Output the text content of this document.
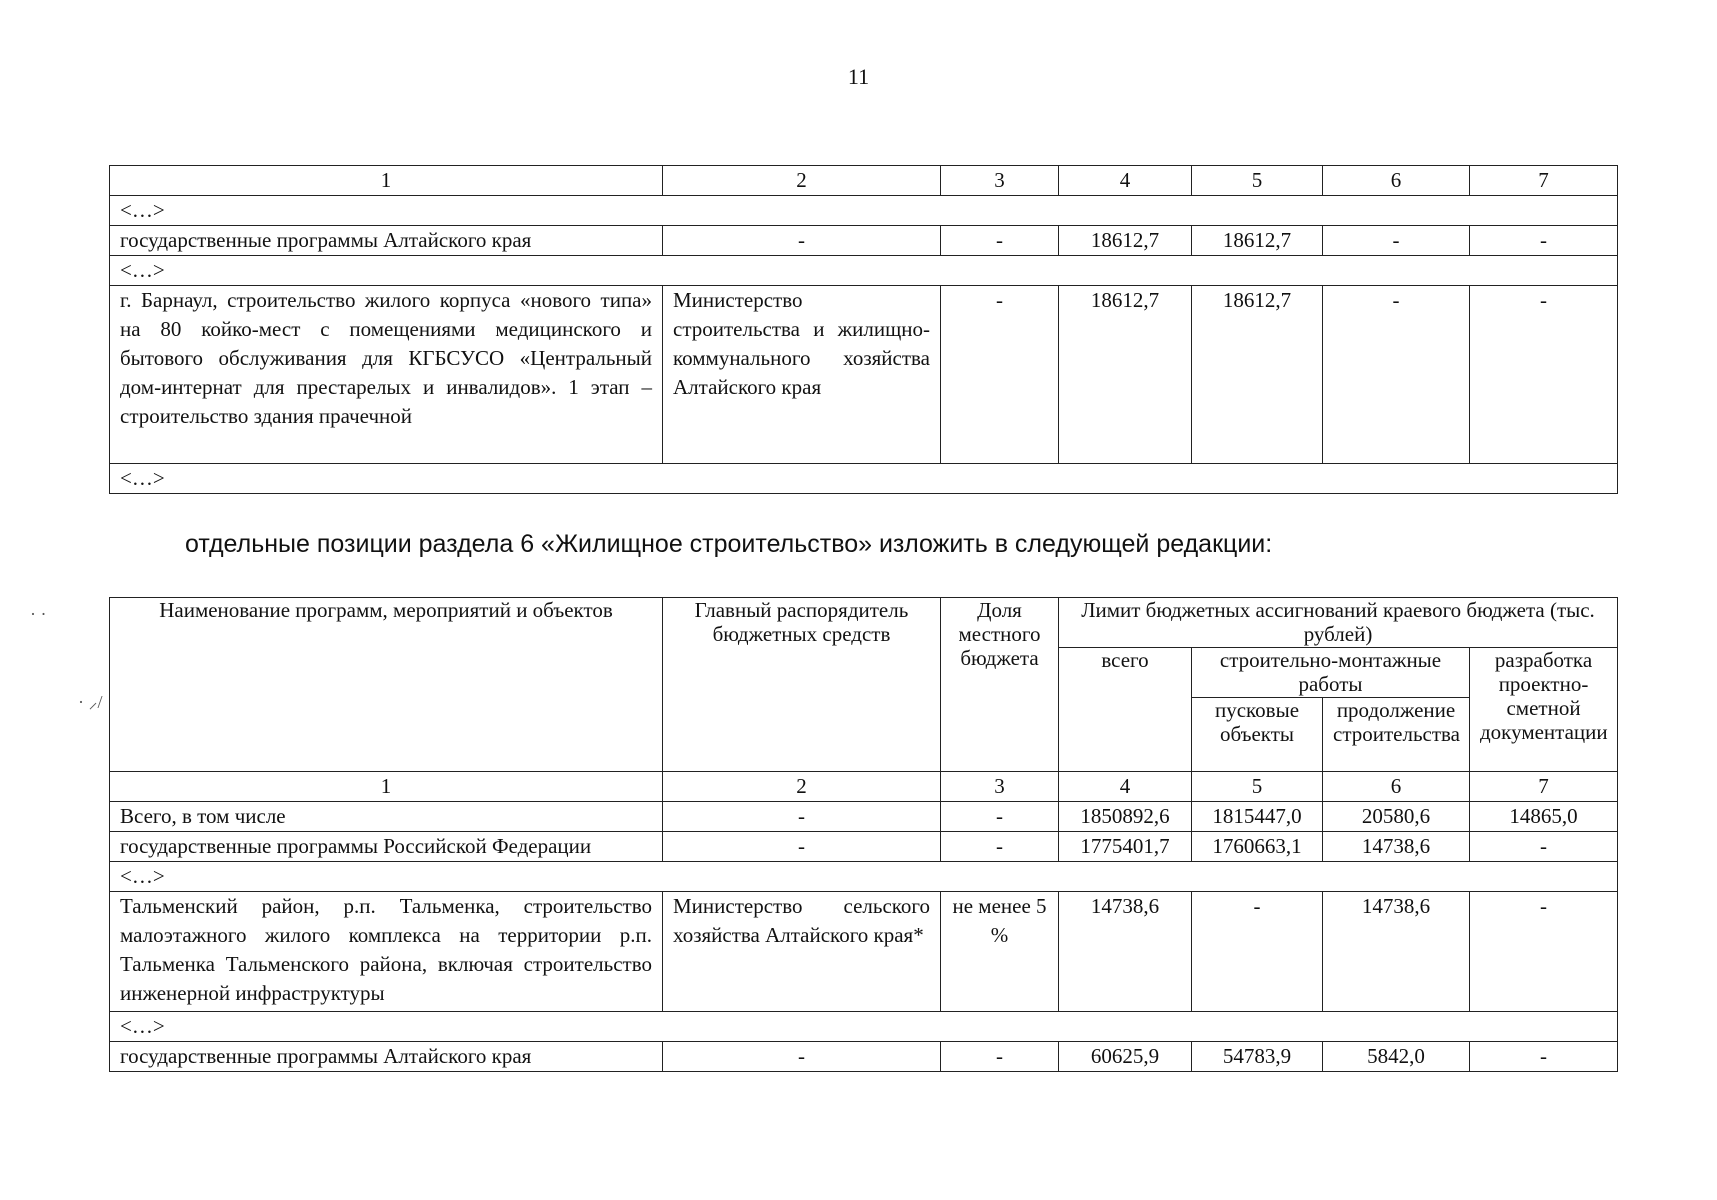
11
1	2	3	4	5	6	7
<…>						
государственные программы Алтайского края	-	-	18612,7	18612,7	-	-
<…>						
г. Барнаул, строительство жилого корпуса «нового типа» на 80 койко-мест с помещениями медицинского и бытового обслуживания для КГБСУСО «Центральный дом-интернат для престарелых и инвалидов». 1 этап – строительство здания прачечной	Министерство строительства и жилищно-коммунального хозяйства Алтайского края	-	18612,7	18612,7	-	-
<…>						
отдельные позиции раздела 6 «Жилищное строительство» изложить в следующей редакции:
· ·
· ⸝/
Наименование программ, мероприятий и объектов	Главный распорядитель бюджетных средств	Доля местного бюджета	Лимит бюджетных ассигнований краевого бюджета (тыс. рублей)			
			всего	строительно-монтажные работы		разработка проектно-сметной документации
				пусковые объекты	продолжение строительства	
1	2	3	4	5	6	7
Всего, в том числе	-	-	1850892,6	1815447,0	20580,6	14865,0
государственные программы Российской Федерации	-	-	1775401,7	1760663,1	14738,6	-
<…>						
Тальменский район, р.п. Тальменка, строительство малоэтажного жилого комплекса на территории р.п. Тальменка Тальменского района, включая строительство инженерной инфраструктуры	Министерство сельского хозяйства Алтайского края*	не менее 5 %	14738,6	-	14738,6	-
<…>						
государственные программы Алтайского края	-	-	60625,9	54783,9	5842,0	-
